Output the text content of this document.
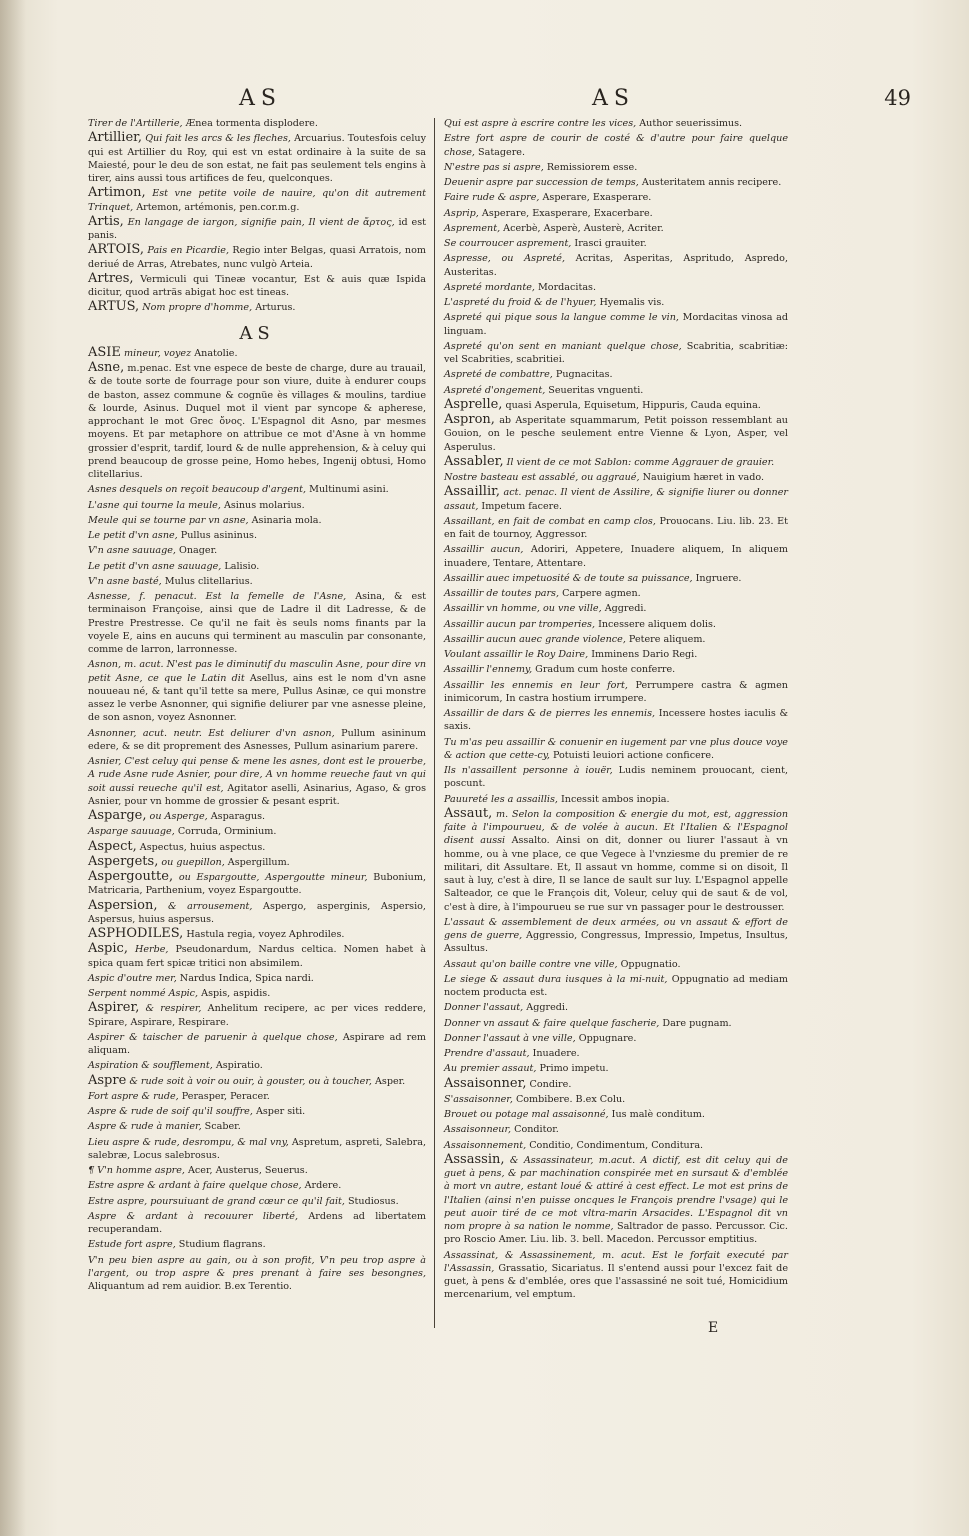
AS	AS	49
Tirer de l'Artillerie, Ænea tormenta displodere.
Artillier, Qui fait les arcs & les fleches, Arcuarius. Toutesfois celuy qui est Artillier du Roy, qui est vn estat ordinaire à la suite de sa Maiesté, pour le deu de son estat, ne fait pas seulement tels engins à tirer, ains aussi tous artifices de feu, quelconques.
Artimon, Est vne petite voile de nauire, qu'on dit autrement Trinquet, Artemon, artémonis, pen.cor.m.g.
Artis, En langage de iargon, signifie pain, Il vient de ἄρτος, id est panis.
ARTOIS, Pais en Picardie, Regio inter Belgas, quasi Arratois, nom deriué de Arras, Atrebates, nunc vulgò Arteia.
Artres, Vermiculi qui Tineæ vocantur, Est & auis quæ Ispida dicitur, quod arträs abigat hoc est tineas.
ARTUS, Nom propre d'homme, Arturus.
AS
ASIE mineur, voyez Anatolie.
Asne, m.penac. Est vne espece de beste de charge, dure au trauail, & de toute sorte de fourrage pour son viure, duite à endurer coups de baston, assez commune & cognüe ès villages & moulins, tardiue & lourde, Asinus. Duquel mot il vient par syncope & apherese, approchant le mot Grec ὄνος. L'Espagnol dit Asno, par mesmes moyens. Et par metaphore on attribue ce mot d'Asne à vn homme grossier d'esprit, tardif, lourd & de nulle apprehension, & à celuy qui prend beaucoup de grosse peine, Homo hebes, Ingenij obtusi, Homo clitellarius.
Asnes desquels on reçoit beaucoup d'argent, Multinumi asini.
L'asne qui tourne la meule, Asinus molarius.
Meule qui se tourne par vn asne, Asinaria mola.
Le petit d'vn asne, Pullus asininus.
V'n asne sauuage, Onager.
Le petit d'vn asne sauuage, Lalisio.
V'n asne basté, Mulus clitellarius.
Asnesse, f. penacut. Est la femelle de l'Asne, Asina, & est terminaison Françoise, ainsi que de Ladre il dit Ladresse, & de Prestre Prestresse. Ce qu'il ne fait ès seuls noms finants par la voyele E, ains en aucuns qui terminent au masculin par consonante, comme de larron, larronnesse.
Asnon, m. acut. N'est pas le diminutif du masculin Asne, pour dire vn petit Asne, ce que le Latin dit Asellus, ains est le nom d'vn asne nouueau né, & tant qu'il tette sa mere, Pullus Asinæ, ce qui monstre assez le verbe Asnonner, qui signifie deliurer par vne asnesse pleine, de son asnon, voyez Asnonner.
Asnonner, acut. neutr. Est deliurer d'vn asnon, Pullum asininum edere, & se dit proprement des Asnesses, Pullum asinarium parere.
Asnier, C'est celuy qui pense & mene les asnes, dont est le prouerbe, A rude Asne rude Asnier, pour dire, A vn homme reueche faut vn qui soit aussi reueche qu'il est, Agitator aselli, Asinarius, Agaso, & gros Asnier, pour vn homme de grossier & pesant esprit.
Asparge, ou Asperge, Asparagus.
Asparge sauuage, Corruda, Orminium.
Aspect, Aspectus, huius aspectus.
Aspergets, ou guepillon, Aspergillum.
Aspergoutte, ou Espargoutte, Aspergoutte mineur, Bubonium, Matricaria, Parthenium, voyez Espargoutte.
Aspersion, & arrousement, Aspergo, asperginis, Aspersio, Aspersus, huius aspersus.
ASPHODILES, Hastula regia, voyez Aphrodiles.
Aspic, Herbe, Pseudonardum, Nardus celtica. Nomen habet à spica quam fert spicæ tritici non absimilem.
Aspic d'outre mer, Nardus Indica, Spica nardi.
Serpent nommé Aspic, Aspis, aspidis.
Aspirer, & respirer, Anhelitum recipere, ac per vices reddere, Spirare, Aspirare, Respirare.
Aspirer & taischer de paruenir à quelque chose, Aspirare ad rem aliquam.
Aspiration & soufflement, Aspiratio.
Aspre & rude soit à voir ou ouir, à gouster, ou à toucher, Asper.
Fort aspre & rude, Perasper, Peracer.
Aspre & rude de soif qu'il souffre, Asper siti.
Aspre & rude à manier, Scaber.
Lieu aspre & rude, desrompu, & mal vny, Aspretum, aspreti, Salebra, salebræ, Locus salebrosus.
¶ V'n homme aspre, Acer, Austerus, Seuerus.
Estre aspre & ardant à faire quelque chose, Ardere.
Estre aspre, poursuiuant de grand cœur ce qu'il fait, Studiosus.
Aspre & ardant à recouurer liberté, Ardens ad libertatem recuperandam.
Estude fort aspre, Studium flagrans.
V'n peu bien aspre au gain, ou à son profit, V'n peu trop aspre à l'argent, ou trop aspre & pres prenant à faire ses besongnes, Aliquantum ad rem auidior. B.ex Terentio.
Qui est aspre à escrire contre les vices, Author seuerissimus.
Estre fort aspre de courir de costé & d'autre pour faire quelque chose, Satagere.
N'estre pas si aspre, Remissiorem esse.
Deuenir aspre par succession de temps, Austeritatem annis recipere.
Faire rude & aspre, Asperare, Exasperare.
Aspriр, Asperare, Exasperare, Exacerbare.
Asprement, Acerbè, Asperè, Austerè, Acriter.
Se courroucer asprement, Irasci grauiter.
Aspresse, ou Aspreté, Acritas, Asperitas, Aspritudo, Aspredo, Austeritas.
Aspreté mordante, Mordacitas.
L'aspreté du froid & de l'hyuer, Hyemalis vis.
Aspreté qui pique sous la langue comme le vin, Mordacitas vinosa ad linguam.
Aspreté qu'on sent en maniant quelque chose, Scabritia, scabritiæ: vel Scabrities, scabritiei.
Aspreté de combattre, Pugnacitas.
Aspreté d'ongement, Seueritas vnguenti.
Asprelle, quasi Asperula, Equisetum, Hippuris, Cauda equina.
Aspron, ab Asperitate squammarum, Petit poisson ressemblant au Gouion, on le pesche seulement entre Vienne & Lyon, Asper, vel Asperulus.
Assabler, Il vient de ce mot Sablon: comme Aggrauer de grauier.
Nostre basteau est assablé, ou aggraué, Nauigium hæret in vado.
Assaillir, act. penac. Il vient de Assilire, & signifie liurer ou donner assaut, Impetum facere.
Assaillant, en fait de combat en camp clos, Prouocans. Liu. lib. 23. Et en fait de tournoy, Aggressor.
Assaillir aucun, Adoriri, Appetere, Inuadere aliquem, In aliquem inuadere, Tentare, Attentare.
Assaillir auec impetuosité & de toute sa puissance, Ingruere.
Assaillir de toutes pars, Carpere agmen.
Assaillir vn homme, ou vne ville, Aggredi.
Assaillir aucun par tromperies, Incessere aliquem dolis.
Assaillir aucun auec grande violence, Petere aliquem.
Voulant assaillir le Roy Daire, Imminens Dario Regi.
Assaillir l'ennemy, Gradum cum hoste conferre.
Assaillir les ennemis en leur fort, Perrumpere castra & agmen inimicorum, In castra hostium irrumpere.
Assaillir de dars & de pierres les ennemis, Incessere hostes iaculis & saxis.
Tu m'as peu assaillir & conuenir en iugement par vne plus douce voye & action que cette-cy, Potuisti leuiori actione conficere.
Ils n'assaillent personne à iouër, Ludis neminem prouocant, cient, poscunt.
Pauureté les a assaillis, Incessit ambos inopia.
Assaut, m. Selon la composition & energie du mot, est, aggression faite à l'impourueu, & de volée à aucun. Et l'Italien & l'Espagnol disent aussi Assalto. Ainsi on dit, donner ou liurer l'assaut à vn homme, ou à vne place, ce que Vegece à l'vnziesme du premier de re militari, dit Assultare. Et, Il assaut vn homme, comme si on disoit, Il saut à luy, c'est à dire, Il se lance de sault sur luy. L'Espagnol appelle Salteador, ce que le François dit, Voleur, celuy qui de saut & de vol, c'est à dire, à l'impourueu se rue sur vn passager pour le destrousser.
L'assaut & assemblement de deux armées, ou vn assaut & effort de gens de guerre, Aggressio, Congressus, Impressio, Impetus, Insultus, Assultus.
Assaut qu'on baille contre vne ville, Oppugnatio.
Le siege & assaut dura iusques à la mi-nuit, Oppugnatio ad mediam noctem producta est.
Donner l'assaut, Aggredi.
Donner vn assaut & faire quelque fascherie, Dare pugnam.
Donner l'assaut à vne ville, Oppugnare.
Prendre d'assaut, Inuadere.
Au premier assaut, Primo impetu.
Assaisonner, Condire.
S'assaisonner, Combibere. B.ex Colu.
Brouet ou potage mal assaisonné, Ius malè conditum.
Assaisonneur, Conditor.
Assaisonnement, Conditio, Condimentum, Conditura.
Assassin, & Assassinateur, m.acut. A dictif, est dit celuy qui de guet à pens, & par machination conspirée met en sursaut & d'emblée à mort vn autre, estant loué & attiré à cest effect. Le mot est prins de l'Italien (ainsi n'en puisse oncques le François prendre l'vsage) qui le peut auoir tiré de ce mot vltra-marin Arsacides. L'Espagnol dit vn nom propre à sa nation le nomme, Saltrador de passo. Percussor. Cic. pro Roscio Amer. Liu. lib. 3. bell. Macedon. Percussor emptitius.
Assassinat, & Assassinement, m. acut. Est le forfait executé par l'Assassin, Grassatio, Sicariatus. Il s'entend aussi pour l'excez fait de guet, à pens & d'emblée, ores que l'assassiné ne soit tué, Homicidium mercenarium, vel emptum.
E
